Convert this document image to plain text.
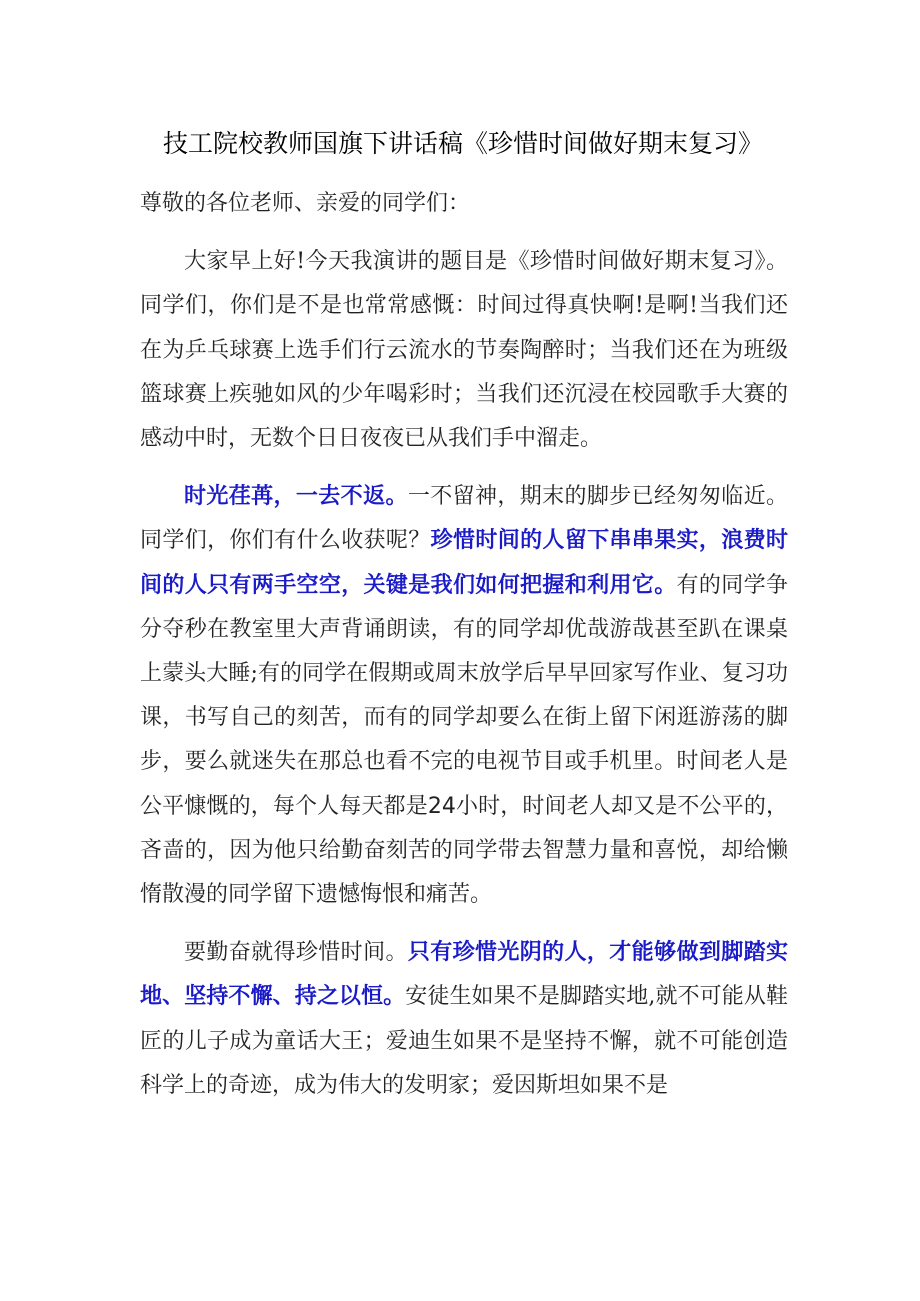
技工院校教师国旗下讲话稿《珍惜时间做好期末复习》

尊敬的各位老师、亲爱的同学们：

大家早上好!今天我演讲的题目是《珍惜时间做好期末复习》。同学们，你们是不是也常常感慨：时间过得真快啊!是啊!当我们还在为乒乓球赛上选手们行云流水的节奏陶醉时；当我们还在为班级篮球赛上疾驰如风的少年喝彩时；当我们还沉浸在校园歌手大赛的感动中时，无数个日日夜夜已从我们手中溜走。

时光荏苒，一去不返。一不留神，期末的脚步已经匆匆临近。同学们，你们有什么收获呢？珍惜时间的人留下串串果实，浪费时间的人只有两手空空，关键是我们如何把握和利用它。有的同学争分夺秒在教室里大声背诵朗读，有的同学却优哉游哉甚至趴在课桌上蒙头大睡;有的同学在假期或周末放学后早早回家写作业、复习功课，书写自己的刻苦，而有的同学却要么在街上留下闲逛游荡的脚步，要么就迷失在那总也看不完的电视节目或手机里。时间老人是公平慷慨的，每个人每天都是24小时，时间老人却又是不公平的，吝啬的，因为他只给勤奋刻苦的同学带去智慧力量和喜悦，却给懒惰散漫的同学留下遗憾悔恨和痛苦。

要勤奋就得珍惜时间。只有珍惜光阴的人，才能够做到脚踏实地、坚持不懈、持之以恒。安徒生如果不是脚踏实地,就不可能从鞋匠的儿子成为童话大王；爱迪生如果不是坚持不懈，就不可能创造科学上的奇迹，成为伟大的发明家；爱因斯坦如果不是
